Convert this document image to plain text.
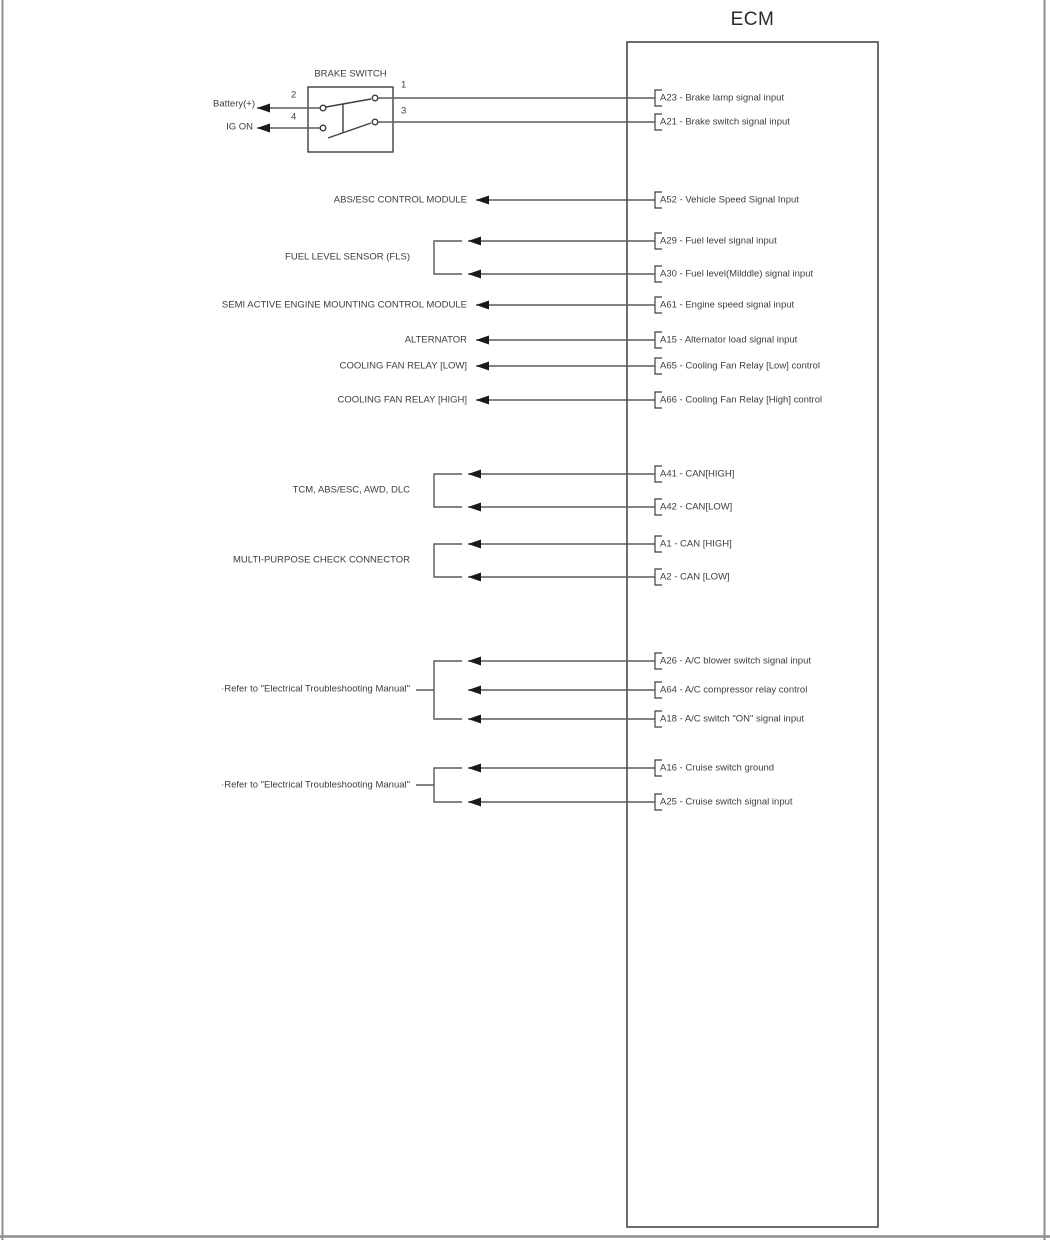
ECM
BRAKE SWITCH
Battery(+)
IG ON
2
4
1
3
ABS/ESC CONTROL MODULE
FUEL LEVEL SENSOR (FLS)
SEMI ACTIVE ENGINE MOUNTING CONTROL MODULE
ALTERNATOR
COOLING FAN RELAY [LOW]
COOLING FAN RELAY [HIGH]
TCM, ABS/ESC, AWD, DLC
MULTI-PURPOSE CHECK CONNECTOR
·Refer to "Electrical Troubleshooting Manual"
·Refer to "Electrical Troubleshooting Manual"
A23 - Brake lamp signal input
A21 - Brake switch signal input
A52 - Vehicle Speed Signal Input
A29 - Fuel level signal input
A30 - Fuel level(Milddle) signal input
A61 - Engine speed signal input
A15 - Alternator load signal input
A65 - Cooling Fan Relay [Low] control
A66 - Cooling Fan Relay [High] control
A41 - CAN[HIGH]
A42 - CAN[LOW]
A1 - CAN [HIGH]
A2 - CAN [LOW]
A26 - A/C blower switch signal input
A64 - A/C compressor relay control
A18 - A/C switch "ON" signal input
A16 - Cruise switch ground
A25 - Cruise switch signal input
